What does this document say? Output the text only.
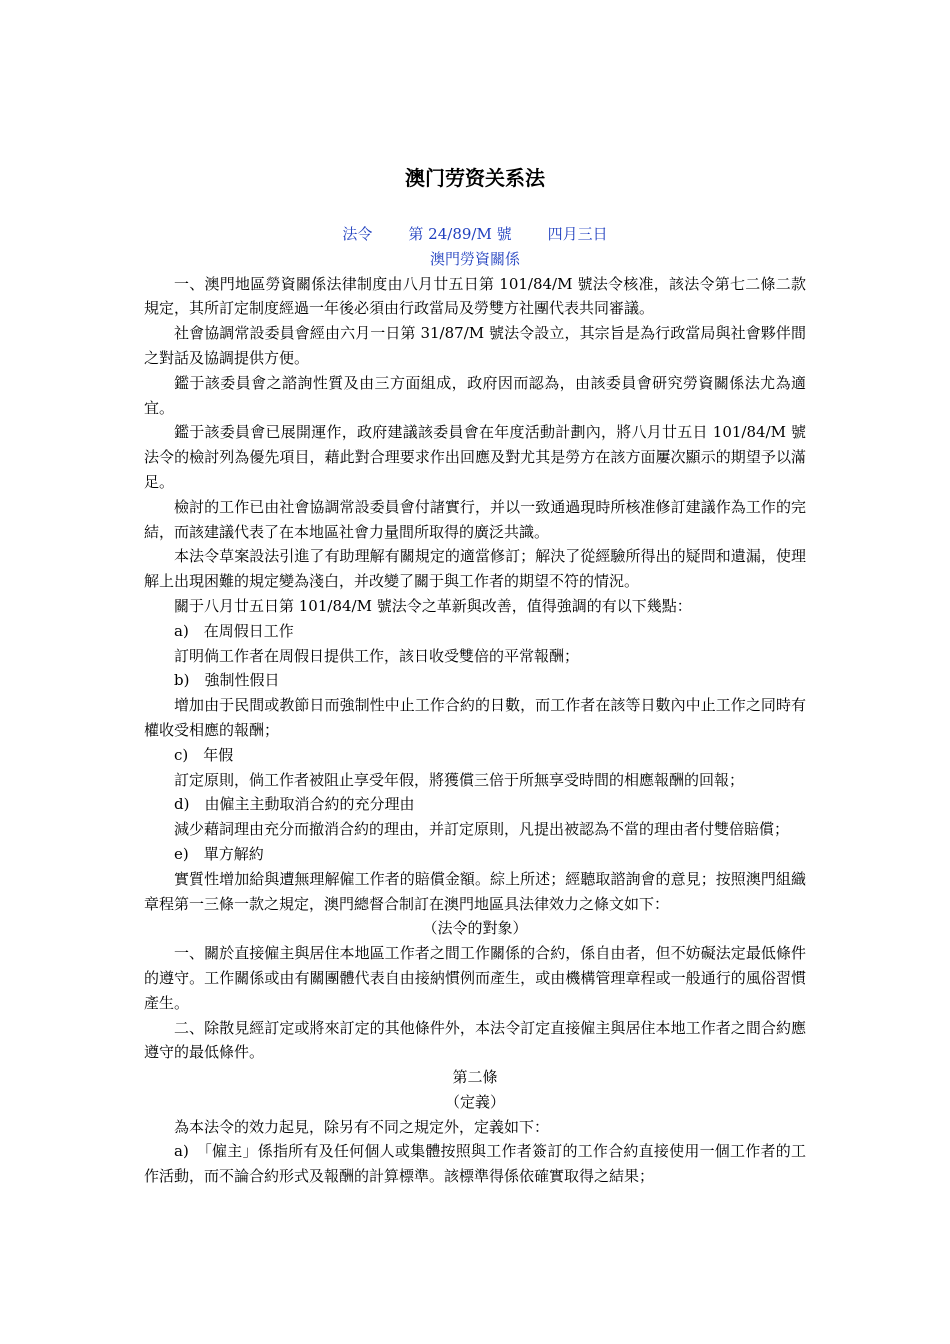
澳门劳资关系法

法令 第 24/89/M 號 四月三日

澳門勞資關係

一、澳門地區勞資關係法律制度由八月廿五日第 101/84/M 號法令核准，該法令第七二條二款規定，其所訂定制度經過一年後必須由行政當局及勞雙方社團代表共同審議。

社會協調常設委員會經由六月一日第 31/87/M 號法令設立，其宗旨是為行政當局與社會夥伴間之對話及協調提供方便。

鑑于該委員會之諮詢性質及由三方面組成，政府因而認為，由該委員會研究勞資關係法尤為適宜。

鑑于該委員會已展開運作，政府建議該委員會在年度活動計劃內，將八月廿五日 101/84/M 號法令的檢討列為優先項目，藉此對合理要求作出回應及對尤其是勞方在該方面屢次顯示的期望予以滿足。

檢討的工作已由社會協調常設委員會付諸實行，并以一致通過現時所核准修訂建議作為工作的完結，而該建議代表了在本地區社會力量間所取得的廣泛共識。

本法令草案設法引進了有助理解有關規定的適當修訂；解決了從經驗所得出的疑問和遺漏，使理解上出現困難的規定變為淺白，并改變了關于與工作者的期望不符的情況。

關于八月廿五日第 101/84/M 號法令之革新與改善，值得強調的有以下幾點：

a)　在周假日工作

訂明倘工作者在周假日提供工作，該日收受雙倍的平常報酬；

b)　強制性假日

增加由于民間或教節日而強制性中止工作合約的日數，而工作者在該等日數內中止工作之同時有權收受相應的報酬；

c)　年假

訂定原則，倘工作者被阻止享受年假，將獲償三倍于所無享受時間的相應報酬的回報；

d)　由僱主主動取消合約的充分理由

減少藉詞理由充分而撤消合約的理由，并訂定原則，凡提出被認為不當的理由者付雙倍賠償；

e)　單方解約

實質性增加給與遭無理解僱工作者的賠償金額。綜上所述；經聽取諮詢會的意見；按照澳門組織章程第一三條一款之規定，澳門總督合制訂在澳門地區具法律效力之條文如下：

（法令的對象）

一、關於直接僱主與居住本地區工作者之間工作關係的合約，係自由者，但不妨礙法定最低條件的遵守。工作關係或由有關團體代表自由接納慣例而產生，或由機構管理章程或一般通行的風俗習慣產生。

二、除散見經訂定或將來訂定的其他條件外，本法令訂定直接僱主與居住本地工作者之間合約應遵守的最低條件。

第二條

（定義）

為本法令的效力起見，除另有不同之規定外，定義如下：

a)　「僱主」係指所有及任何個人或集體按照與工作者簽訂的工作合約直接使用一個工作者的工作活動，而不論合約形式及報酬的計算標準。該標準得係依確實取得之結果；
